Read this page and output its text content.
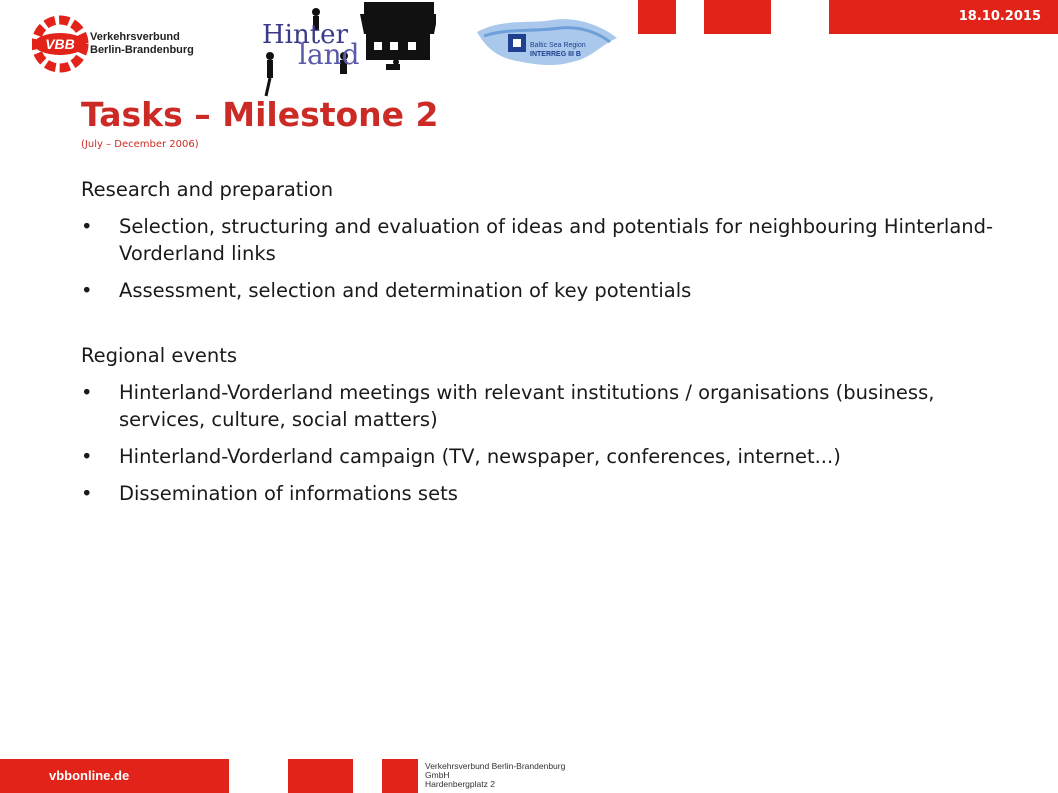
18.10.2015
VBB Verkehrsverbund
Berlin-Brandenburg	Hinter
land	Baltic Sea Region
INTERREG III B
Tasks – Milestone 2
(July – December 2006)

Research and preparation

• Selection, structuring and evaluation of ideas and potentials for neighbouring Hinterland-Vorderland links

• Assessment, selection and determination of key potentials

Regional events

• Hinterland-Vorderland meetings with relevant institutions / organisations (business, services, culture, social matters)

• Hinterland-Vorderland campaign (TV, newspaper, conferences, internet...)

• Dissemination of informations sets

vbbonline.de
Verkehrsverbund Berlin-Brandenburg
GmbH
Hardenbergplatz 2
